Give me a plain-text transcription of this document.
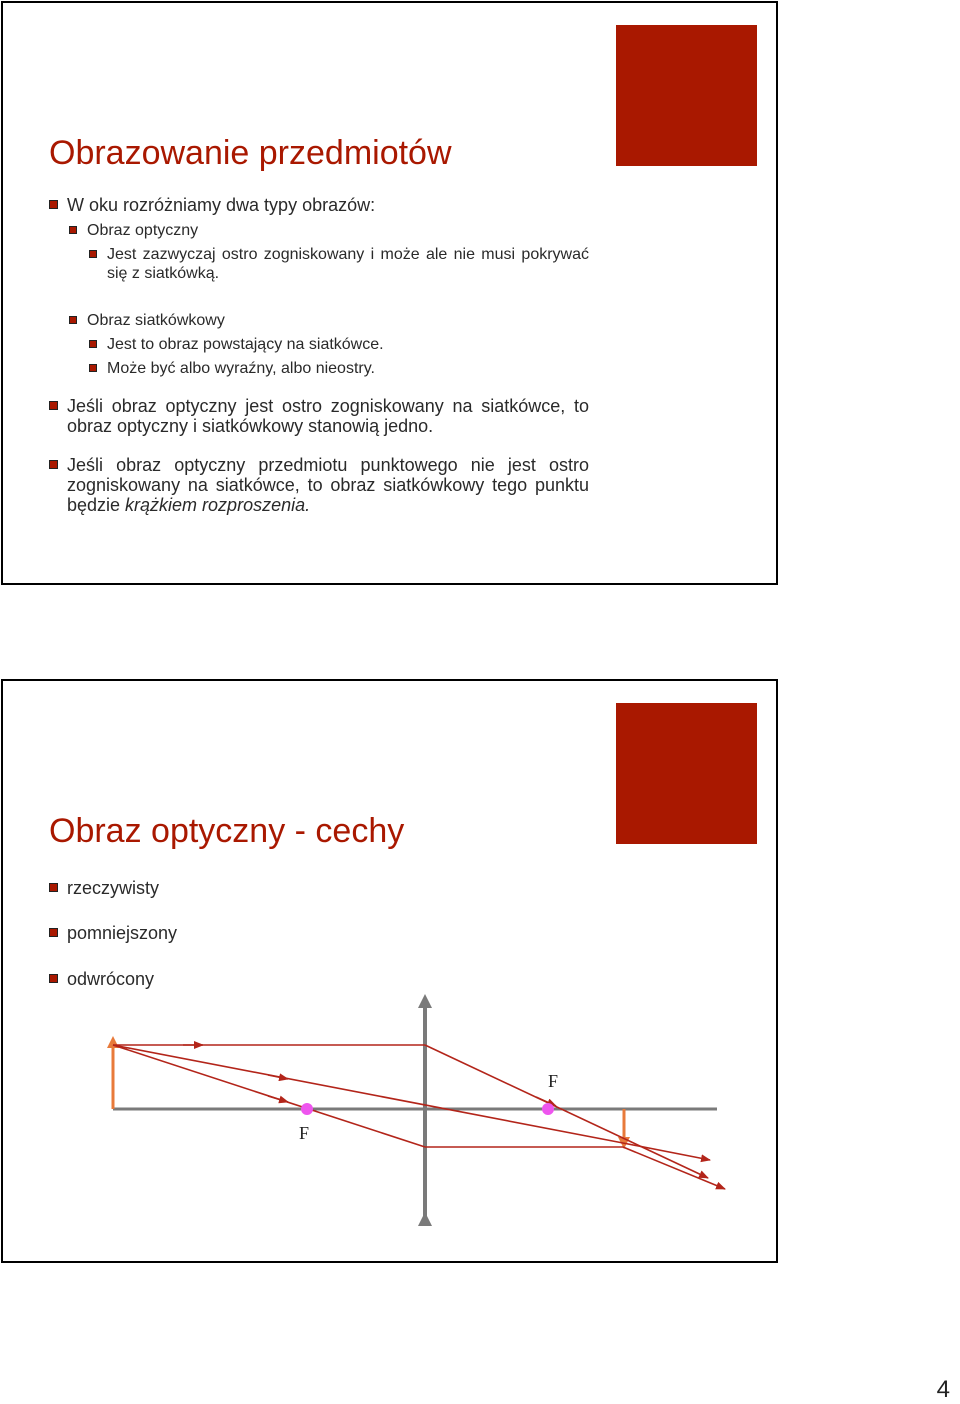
Obrazowanie przedmiotów
W oku rozróżniamy dwa typy obrazów:
Obraz optyczny
Jest zazwyczaj ostro zogniskowany i może ale nie musi pokrywać się z siatkówką.
Obraz siatkówkowy
Jest to obraz powstający na siatkówce.
Może być albo wyraźny, albo nieostry.
Jeśli obraz optyczny jest ostro zogniskowany na siatkówce, to obraz optyczny i siatkówkowy stanowią jedno.
Jeśli obraz optyczny przedmiotu punktowego nie jest ostro zogniskowany na siatkówce, to obraz siatkówkowy tego punktu będzie krążkiem rozproszenia.
Obraz optyczny - cechy
rzeczywisty
pomniejszony
odwrócony
F
F
4
